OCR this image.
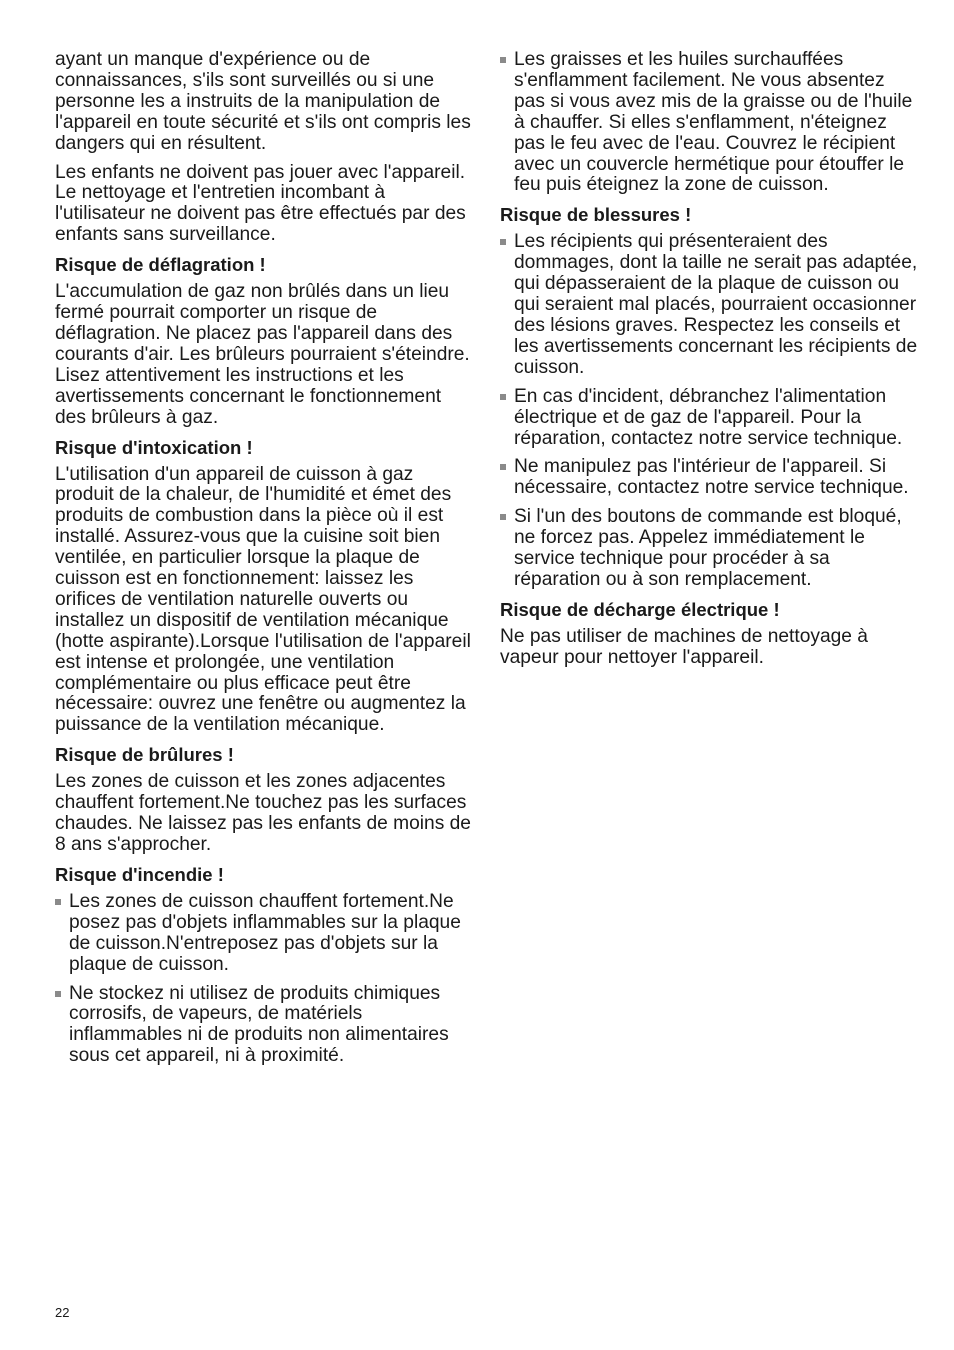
ayant un manque d'expérience ou de connaissances, s'ils sont surveillés ou si une personne les a instruits de la manipulation de l'appareil en toute sécurité et s'ils ont compris les dangers qui en résultent.

Les enfants ne doivent pas jouer avec l'appareil. Le nettoyage et l'entretien incombant à l'utilisateur ne doivent pas être effectués par des enfants sans surveillance.

Risque de déflagration !

L'accumulation de gaz non brûlés dans un lieu fermé pourrait comporter un risque de déflagration. Ne placez pas l'appareil dans des courants d'air. Les brûleurs pourraient s'éteindre. Lisez attentivement les instructions et les avertissements concernant le fonctionnement des brûleurs à gaz.

Risque d'intoxication !

L'utilisation d'un appareil de cuisson à gaz produit de la chaleur, de l'humidité et émet des produits de combustion dans la pièce où il est installé. Assurez-vous que la cuisine soit bien ventilée, en particulier lorsque la plaque de cuisson est en fonctionnement: laissez les orifices de ventilation naturelle ouverts ou installez un dispositif de ventilation mécanique (hotte aspirante).Lorsque l'utilisation de l'appareil est intense et prolongée, une ventilation complémentaire ou plus efficace peut être nécessaire: ouvrez une fenêtre ou augmentez la puissance de la ventilation mécanique.

Risque de brûlures !

Les zones de cuisson et les zones adjacentes chauffent fortement.Ne touchez pas les surfaces chaudes. Ne laissez pas les enfants de moins de 8 ans s'approcher.

Risque d'incendie !
Les zones de cuisson chauffent fortement.Ne posez pas d'objets inflammables sur la plaque de cuisson.N'entreposez pas d'objets sur la plaque de cuisson.
Ne stockez ni utilisez de produits chimiques corrosifs, de vapeurs, de matériels inflammables ni de produits non alimentaires sous cet appareil, ni à proximité.
Les graisses et les huiles surchauffées s'enflamment facilement. Ne vous absentez pas si vous avez mis de la graisse ou de l'huile à chauffer. Si elles s'enflamment, n'éteignez pas le feu avec de l'eau. Couvrez le récipient avec un couvercle hermétique pour étouffer le feu puis éteignez la zone de cuisson.
Risque de blessures !
Les récipients qui présenteraient des dommages, dont la taille ne serait pas adaptée, qui dépasseraient de la plaque de cuisson ou qui seraient mal placés, pourraient occasionner des lésions graves. Respectez les conseils et les avertissements concernant les récipients de cuisson.
En cas d'incident, débranchez l'alimentation électrique et de gaz de l'appareil. Pour la réparation, contactez notre service technique.
Ne manipulez pas l'intérieur de l'appareil. Si nécessaire, contactez notre service technique.
Si l'un des boutons de commande est bloqué, ne forcez pas. Appelez immédiatement le service technique pour procéder à sa réparation ou à son remplacement.
Risque de décharge électrique !

Ne pas utiliser de machines de nettoyage à vapeur pour nettoyer l'appareil.

22
